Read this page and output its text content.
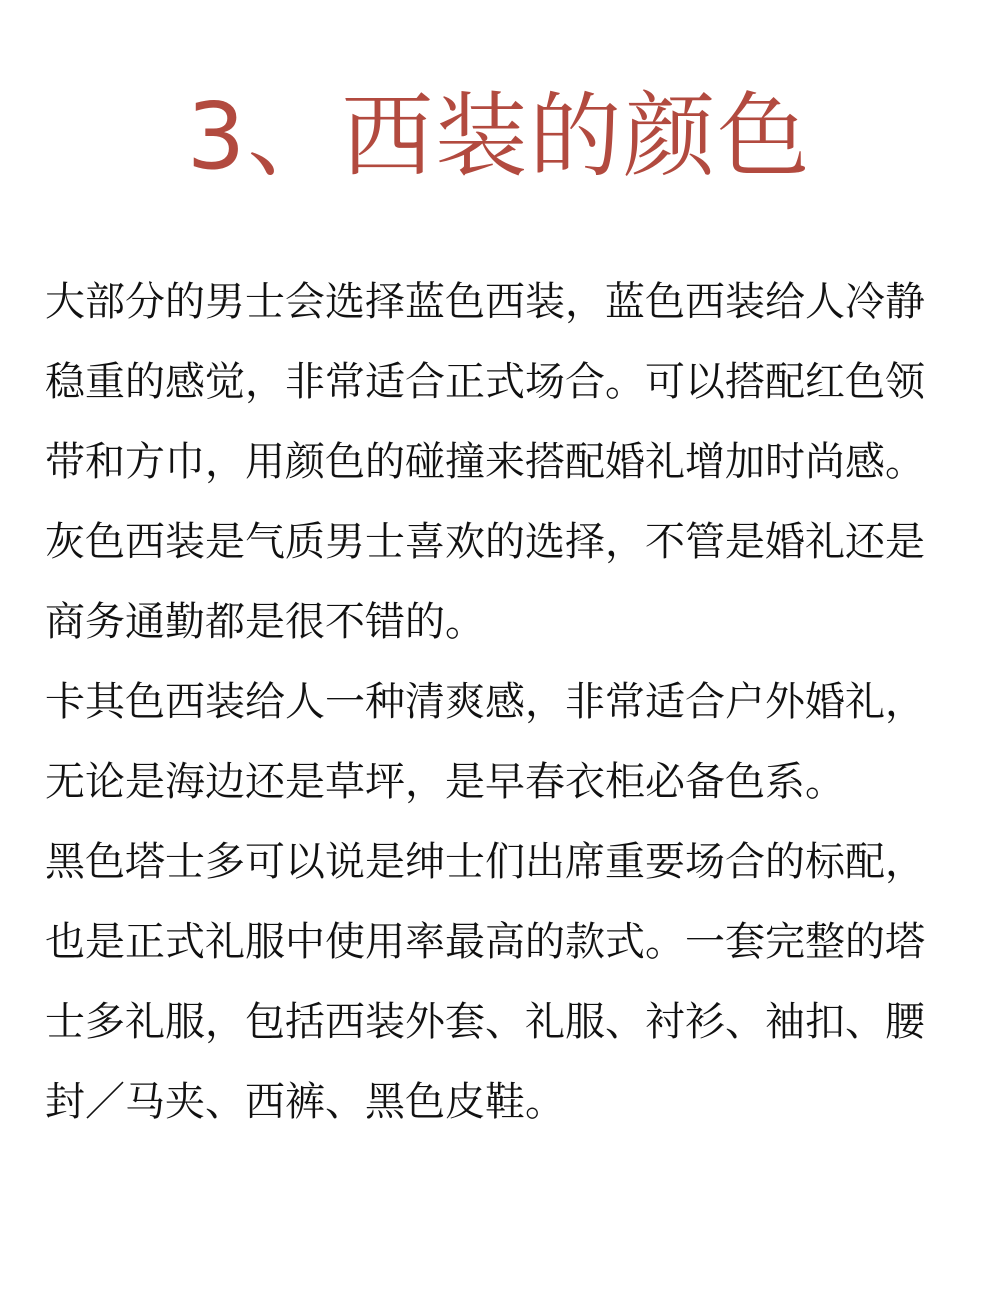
3、西装的颜色

大部分的男士会选择蓝色西装，蓝色西装给人冷静稳重的感觉，非常适合正式场合。可以搭配红色领带和方巾，用颜色的碰撞来搭配婚礼增加时尚感。

灰色西装是气质男士喜欢的选择，不管是婚礼还是商务通勤都是很不错的。

卡其色西装给人一种清爽感，非常适合户外婚礼，无论是海边还是草坪，是早春衣柜必备色系。

黑色塔士多可以说是绅士们出席重要场合的标配，也是正式礼服中使用率最高的款式。一套完整的塔士多礼服，包括西装外套、礼服、衬衫、袖扣、腰封／马夹、西裤、黑色皮鞋。
